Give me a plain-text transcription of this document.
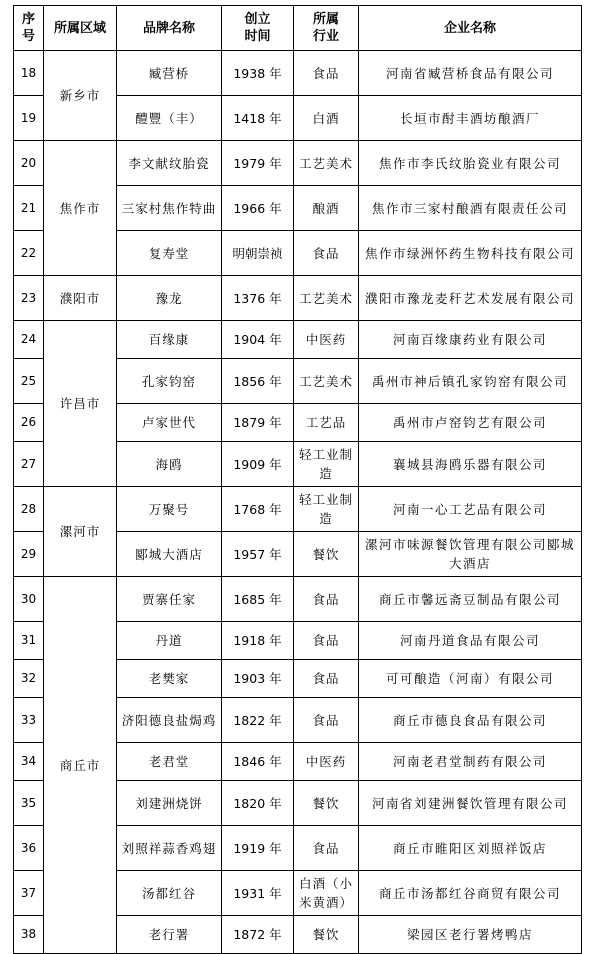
序号	所属区域	品牌名称	创立时间	所属行业	企业名称
18	新乡市	臧营桥	1938 年	食品	河南省臧营桥食品有限公司
19		醴豐（丰）	1418 年	白酒	长垣市酎丰酒坊酿酒厂
20	焦作市	李文献纹胎瓷	1979 年	工艺美术	焦作市李氏纹胎瓷业有限公司
21		三家村焦作特曲	1966 年	酿酒	焦作市三家村酿酒有限责任公司
22		复寿堂	明朝崇祯	食品	焦作市绿洲怀药生物科技有限公司
23	濮阳市	豫龙	1376 年	工艺美术	濮阳市豫龙麦秆艺术发展有限公司
24	许昌市	百缘康	1904 年	中医药	河南百缘康药业有限公司
25		孔家钧窑	1856 年	工艺美术	禹州市神后镇孔家钧窑有限公司
26		卢家世代	1879 年	工艺品	禹州市卢窑钧艺有限公司
27		海鸥	1909 年	轻工业制造	襄城县海鸥乐器有限公司
28	漯河市	万聚号	1768 年	轻工业制造	河南一心工艺品有限公司
29		郾城大酒店	1957 年	餐饮	漯河市味源餐饮管理有限公司郾城大酒店
30	商丘市	贾寨任家	1685 年	食品	商丘市馨远斋豆制品有限公司
31		丹道	1918 年	食品	河南丹道食品有限公司
32		老樊家	1903 年	食品	可可酿造（河南）有限公司
33		济阳德良盐焗鸡	1822 年	食品	商丘市德良食品有限公司
34		老君堂	1846 年	中医药	河南老君堂制药有限公司
35		刘建洲烧饼	1820 年	餐饮	河南省刘建洲餐饮管理有限公司
36		刘照祥蒜香鸡翅	1919 年	食品	商丘市睢阳区刘照祥饭店
37		汤都红谷	1931 年	白酒（小米黄酒）	商丘市汤都红谷商贸有限公司
38		老行署	1872 年	餐饮	梁园区老行署烤鸭店
